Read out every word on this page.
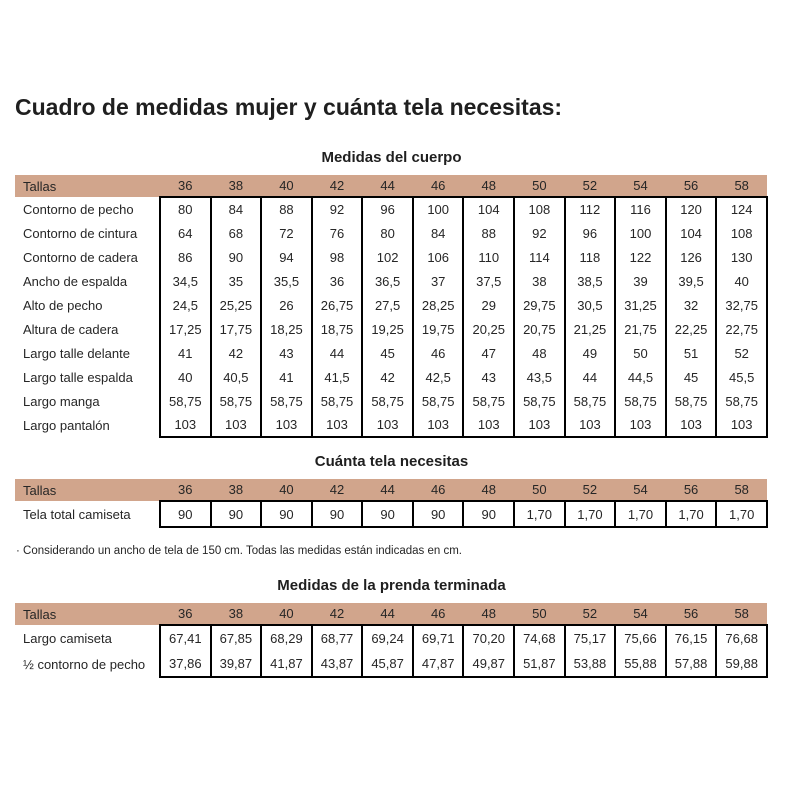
Cuadro de medidas mujer y cuánta tela necesitas:
Medidas del cuerpo
Tallas	36	38	40	42	44	46	48	50	52	54	56	58
Contorno de pecho	80	84	88	92	96	100	104	108	112	116	120	124
Contorno de cintura	64	68	72	76	80	84	88	92	96	100	104	108
Contorno de cadera	86	90	94	98	102	106	110	114	118	122	126	130
Ancho de espalda	34,5	35	35,5	36	36,5	37	37,5	38	38,5	39	39,5	40
Alto de pecho	24,5	25,25	26	26,75	27,5	28,25	29	29,75	30,5	31,25	32	32,75
Altura de cadera	17,25	17,75	18,25	18,75	19,25	19,75	20,25	20,75	21,25	21,75	22,25	22,75
Largo talle delante	41	42	43	44	45	46	47	48	49	50	51	52
Largo talle espalda	40	40,5	41	41,5	42	42,5	43	43,5	44	44,5	45	45,5
Largo manga	58,75	58,75	58,75	58,75	58,75	58,75	58,75	58,75	58,75	58,75	58,75	58,75
Largo pantalón	103	103	103	103	103	103	103	103	103	103	103	103
Cuánta tela necesitas
Tallas	36	38	40	42	44	46	48	50	52	54	56	58
Tela total camiseta	90	90	90	90	90	90	90	1,70	1,70	1,70	1,70	1,70

· Considerando un ancho de tela de 150 cm. Todas las medidas están indicadas en cm.

Medidas de la prenda terminada
Tallas	36	38	40	42	44	46	48	50	52	54	56	58
Largo camiseta	67,41	67,85	68,29	68,77	69,24	69,71	70,20	74,68	75,17	75,66	76,15	76,68
½ contorno de pecho	37,86	39,87	41,87	43,87	45,87	47,87	49,87	51,87	53,88	55,88	57,88	59,88
